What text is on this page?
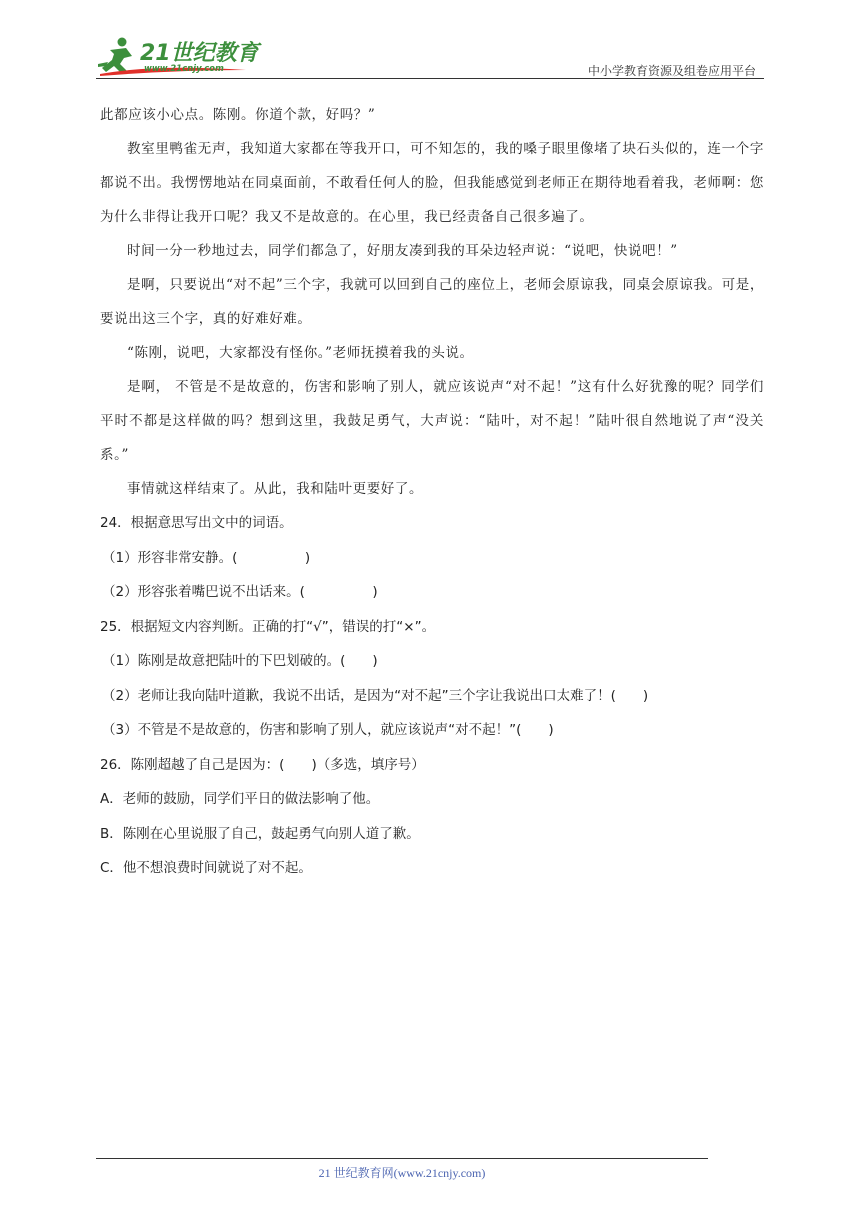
21世纪教育
www.21cnjy.com	中小学教育资源及组卷应用平台

此都应该小心点。陈刚。你道个款，好吗？”

教室里鸭雀无声，我知道大家都在等我开口，可不知怎的，我的嗓子眼里像堵了块石头似的，连一个字都说不出。我愣愣地站在同桌面前，不敢看任何人的脸，但我能感觉到老师正在期待地看着我，老师啊：您为什么非得让我开口呢？我又不是故意的。在心里，我已经责备自己很多遍了。

时间一分一秒地过去，同学们都急了，好朋友凑到我的耳朵边轻声说：“说吧，快说吧！”

是啊，只要说出“对不起”三个字，我就可以回到自己的座位上，老师会原谅我，同桌会原谅我。可是，要说出这三个字，真的好难好难。

“陈刚，说吧，大家都没有怪你。”老师抚摸着我的头说。

是啊， 不管是不是故意的，伤害和影响了别人，就应该说声“对不起！”这有什么好犹豫的呢？同学们平时不都是这样做的吗？想到这里，我鼓足勇气，大声说：“陆叶，对不起！”陆叶很自然地说了声“没关系。”

事情就这样结束了。从此，我和陆叶更要好了。

24．根据意思写出文中的词语。

（1）形容非常安静。(　　　　　)

（2）形容张着嘴巴说不出话来。(　　　　　)

25．根据短文内容判断。正确的打“√”，错误的打“×”。

（1）陈刚是故意把陆叶的下巴划破的。(　　)

（2）老师让我向陆叶道歉，我说不出话，是因为“对不起”三个字让我说出口太难了！(　　)

（3）不管是不是故意的，伤害和影响了别人，就应该说声“对不起！”(　　)

26．陈刚超越了自己是因为：(　　)（多选，填序号）

A．老师的鼓励，同学们平日的做法影响了他。

B．陈刚在心里说服了自己，鼓起勇气向别人道了歉。

C．他不想浪费时间就说了对不起。

21 世纪教育网(www.21cnjy.com)
